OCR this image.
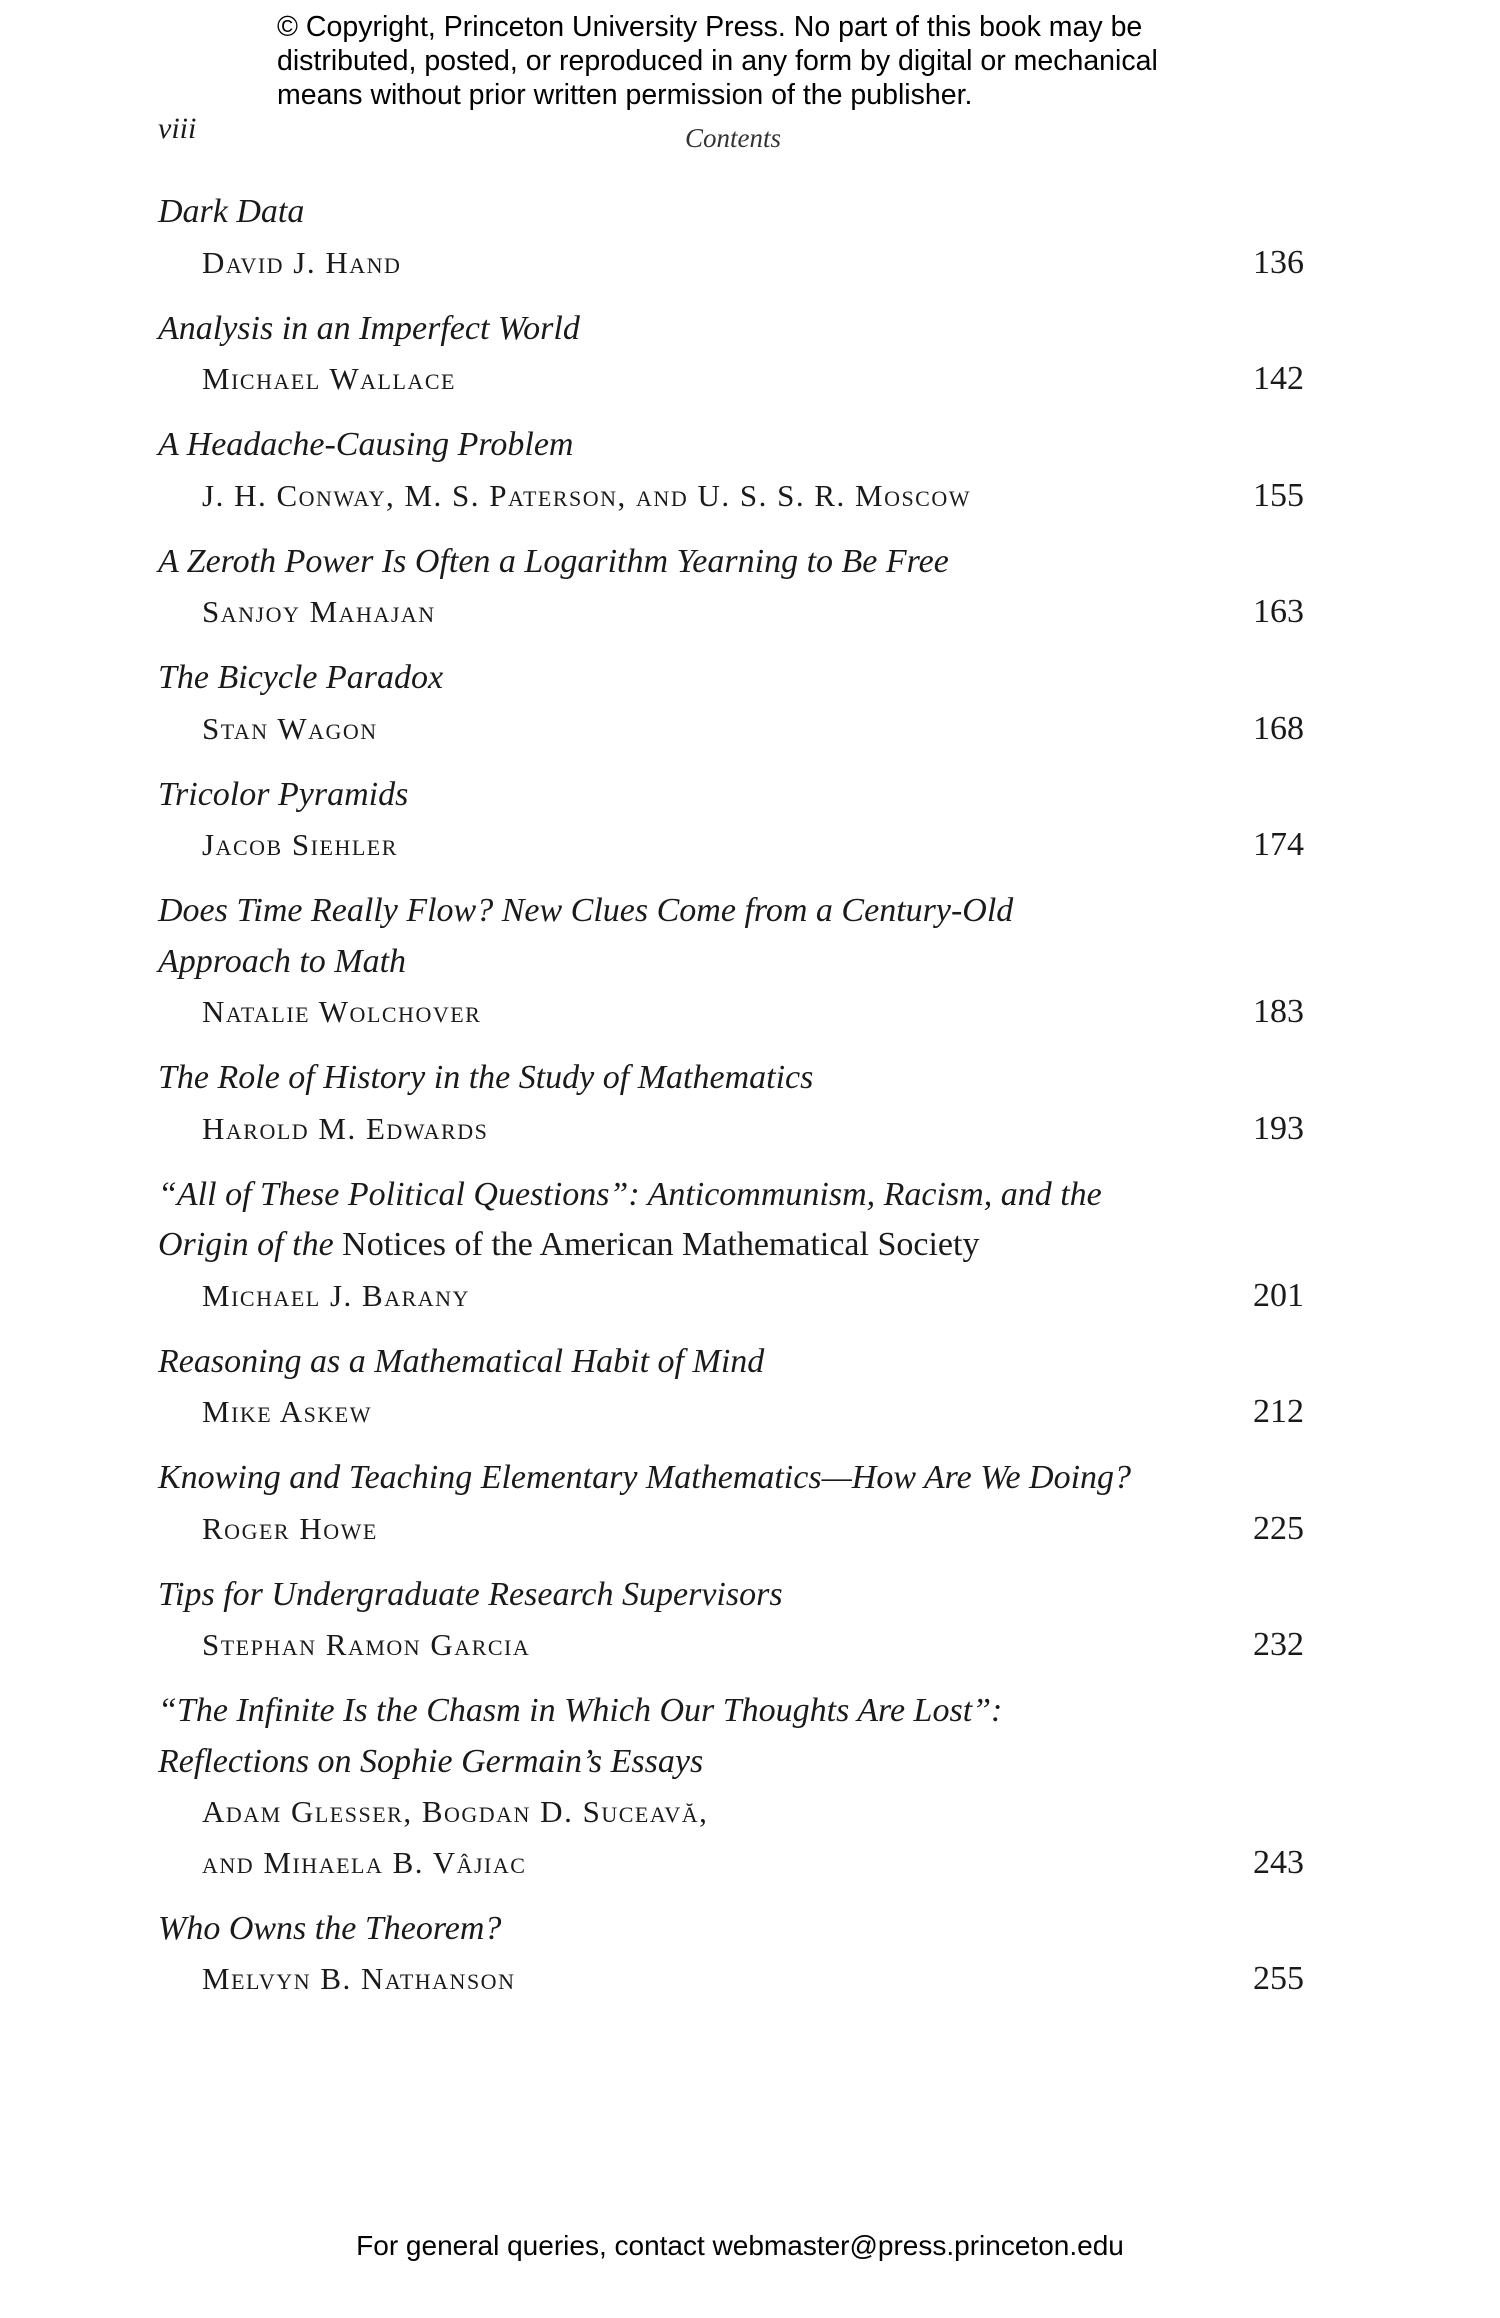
© Copyright, Princeton University Press. No part of this book may be
distributed, posted, or reproduced in any form by digital or mechanical
means without prior written permission of the publisher.
viii	Contents
Dark Data
David J. Hand	136
Analysis in an Imperfect World
Michael Wallace	142
A Headache-Causing Problem
J. H. Conway, M. S. Paterson, and U. S. S. R. Moscow	155
A Zeroth Power Is Often a Logarithm Yearning to Be Free
Sanjoy Mahajan	163
The Bicycle Paradox
Stan Wagon	168
Tricolor Pyramids
Jacob Siehler	174
Does Time Really Flow? New Clues Come from a Century-Old
Approach to Math
Natalie Wolchover	183
The Role of History in the Study of Mathematics
Harold M. Edwards	193
“All of These Political Questions”: Anticommunism, Racism, and the
Origin of the Notices of the American Mathematical Society
Michael J. Barany	201
Reasoning as a Mathematical Habit of Mind
Mike Askew	212
Knowing and Teaching Elementary Mathematics—How Are We Doing?
Roger Howe	225
Tips for Undergraduate Research Supervisors
Stephan Ramon Garcia	232
“The Infinite Is the Chasm in Which Our Thoughts Are Lost”:
Reflections on Sophie Germain’s Essays
Adam Glesser, Bogdan D. Suceavă,
and Mihaela B. Vâjiac	243
Who Owns the Theorem?
Melvyn B. Nathanson	255
For general queries, contact webmaster@press.princeton.edu
